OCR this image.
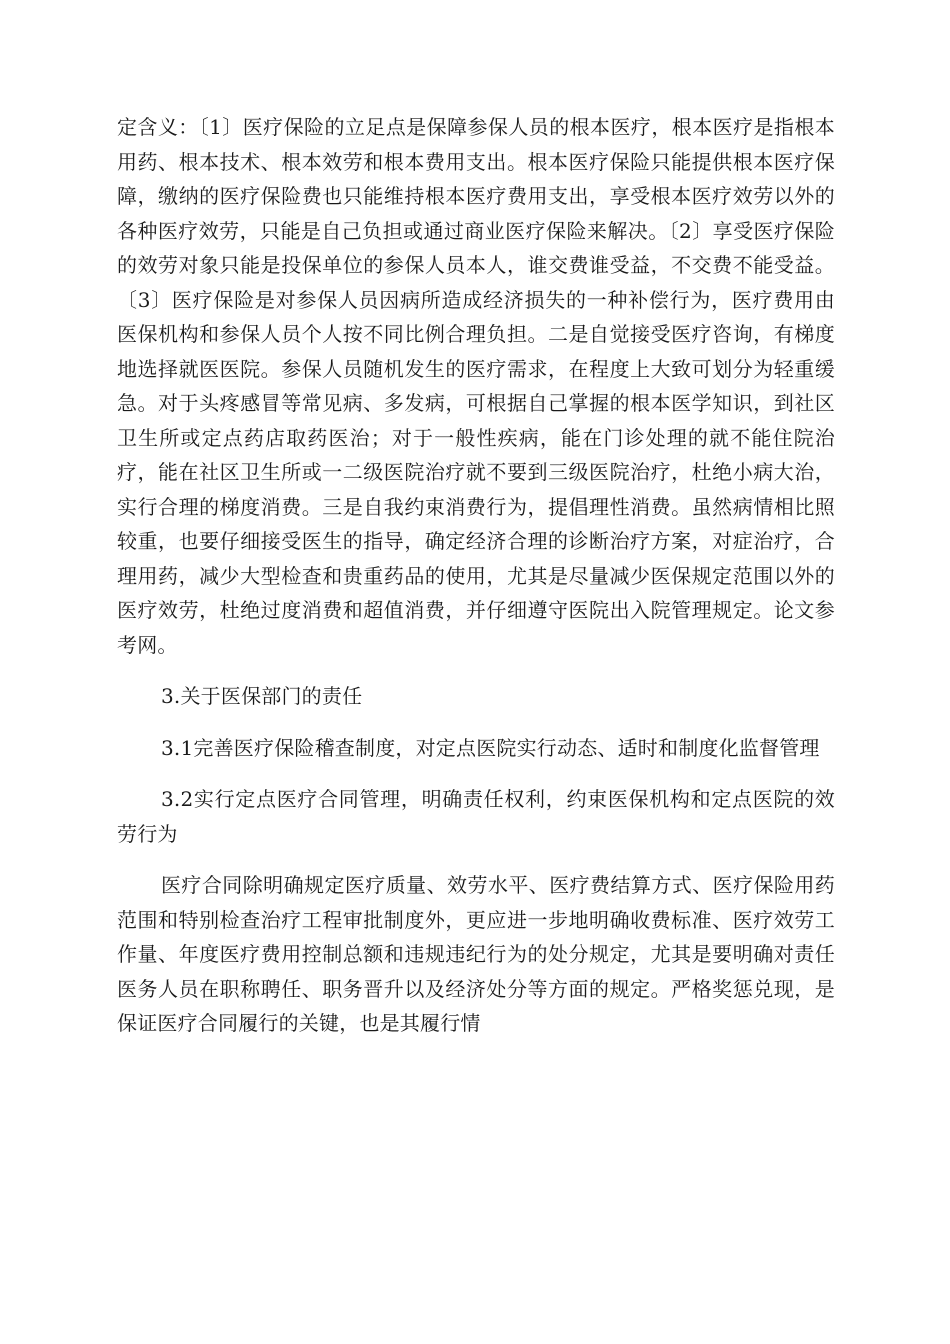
定含义：〔1〕医疗保险的立足点是保障参保人员的根本医疗，根本医疗是指根本用药、根本技术、根本效劳和根本费用支出。根本医疗保险只能提供根本医疗保障，缴纳的医疗保险费也只能维持根本医疗费用支出，享受根本医疗效劳以外的各种医疗效劳，只能是自己负担或通过商业医疗保险来解决。〔2〕享受医疗保险的效劳对象只能是投保单位的参保人员本人，谁交费谁受益，不交费不能受益。〔3〕医疗保险是对参保人员因病所造成经济损失的一种补偿行为，医疗费用由医保机构和参保人员个人按不同比例合理负担。二是自觉接受医疗咨询，有梯度地选择就医医院。参保人员随机发生的医疗需求，在程度上大致可划分为轻重缓急。对于头疼感冒等常见病、多发病，可根据自己掌握的根本医学知识，到社区卫生所或定点药店取药医治；对于一般性疾病，能在门诊处理的就不能住院治疗，能在社区卫生所或一二级医院治疗就不要到三级医院治疗，杜绝小病大治，实行合理的梯度消费。三是自我约束消费行为，提倡理性消费。虽然病情相比照较重，也要仔细接受医生的指导，确定经济合理的诊断治疗方案，对症治疗，合理用药，减少大型检查和贵重药品的使用，尤其是尽量减少医保规定范围以外的医疗效劳，杜绝过度消费和超值消费，并仔细遵守医院出入院管理规定。论文参考网。

3.关于医保部门的责任

3.1完善医疗保险稽查制度，对定点医院实行动态、适时和制度化监督管理

3.2实行定点医疗合同管理，明确责任权利，约束医保机构和定点医院的效劳行为

医疗合同除明确规定医疗质量、效劳水平、医疗费结算方式、医疗保险用药范围和特别检查治疗工程审批制度外，更应进一步地明确收费标准、医疗效劳工作量、年度医疗费用控制总额和违规违纪行为的处分规定，尤其是要明确对责任医务人员在职称聘任、职务晋升以及经济处分等方面的规定。严格奖惩兑现，是保证医疗合同履行的关键，也是其履行情
